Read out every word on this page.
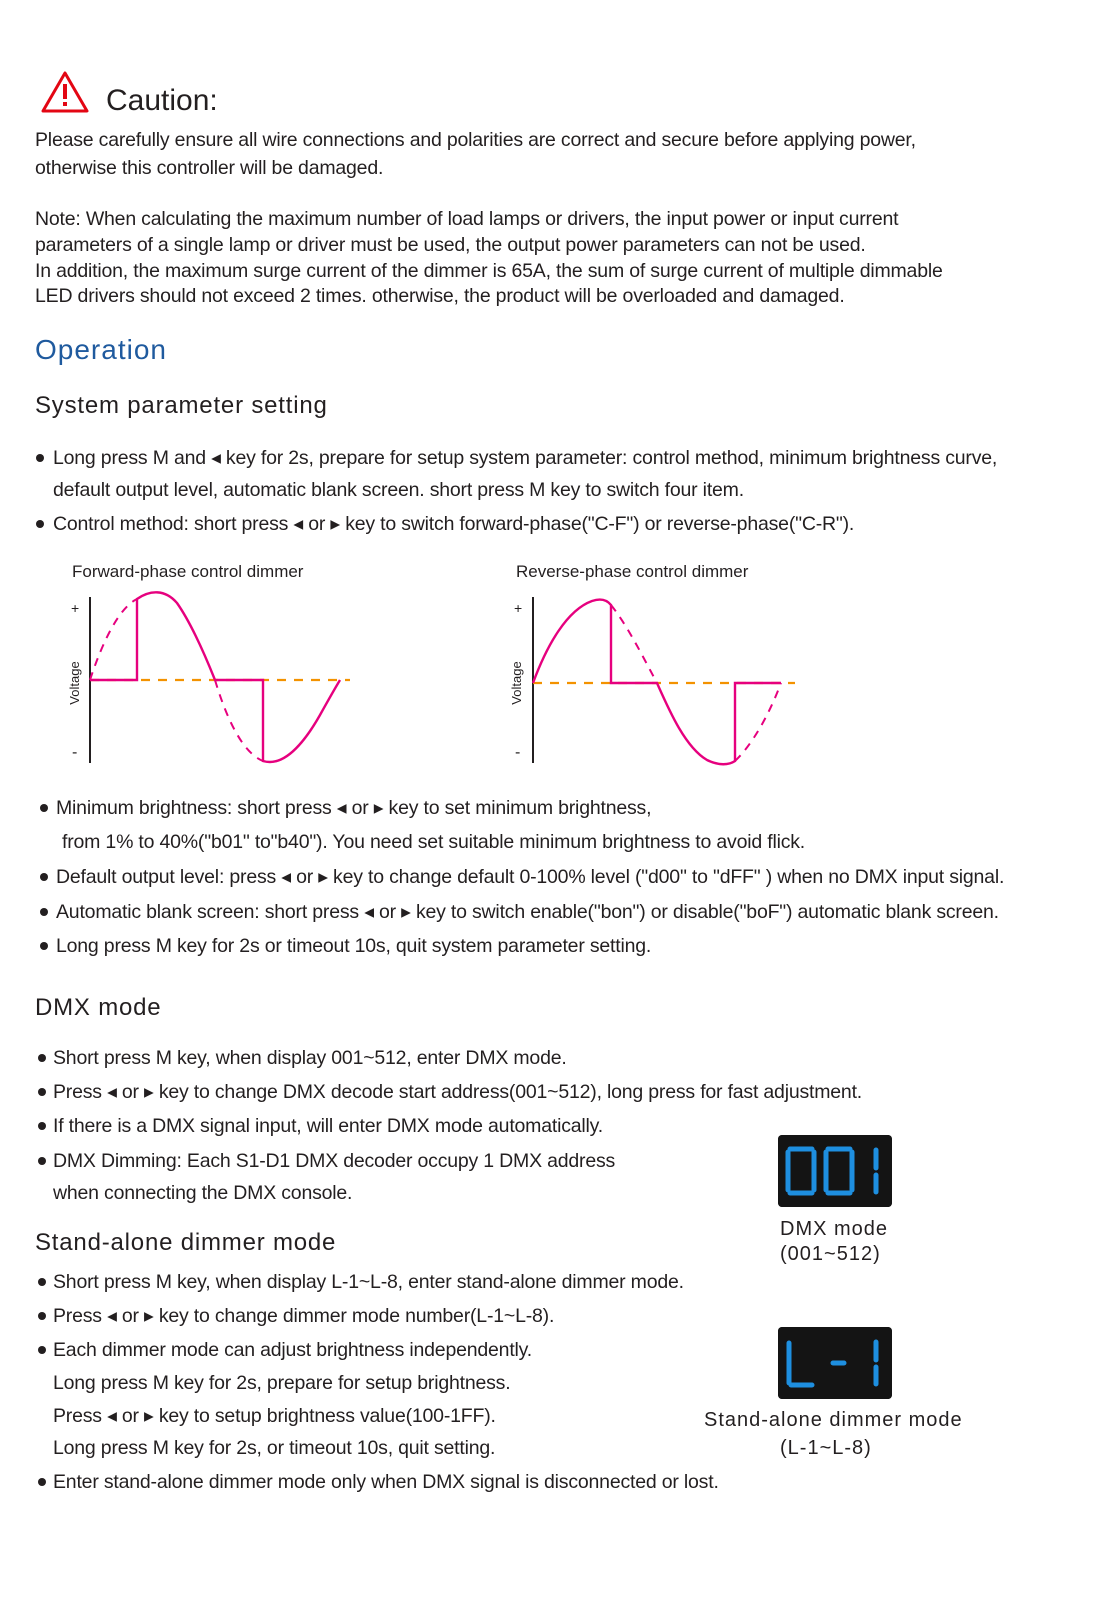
Caution:
Please carefully ensure all wire connections and polarities are correct and secure before applying power,
otherwise this controller will be damaged.
Note: When calculating the maximum number of load lamps or drivers, the input power or input current
parameters of a single lamp or driver must be used, the output power parameters can not be used.
In addition, the maximum surge current of the dimmer is 65A, the sum of surge current of multiple dimmable
LED drivers should not exceed 2 times. otherwise, the product will be overloaded and damaged.
Operation
System parameter setting
Long press M and ◂ key for 2s, prepare for setup system parameter: control method, minimum brightness curve,
default output level, automatic blank screen. short press M key to switch four item.
Control method: short press ◂ or ▸ key to switch forward-phase("C-F") or reverse-phase("C-R").
Forward-phase control dimmer	Reverse-phase control dimmer
+
-
Voltage
+
-
Voltage
Minimum brightness: short press ◂ or ▸ key to set minimum brightness,
from 1% to 40%("b01" to"b40"). You need set suitable minimum brightness to avoid flick.
Default output level: press ◂ or ▸ key to change default 0-100% level ("d00" to "dFF" ) when no DMX input signal.
Automatic blank screen: short press ◂ or ▸ key to switch enable("bon") or disable("boF") automatic blank screen.
Long press M key for 2s or timeout 10s, quit system parameter setting.
DMX mode
Short press M key, when display 001~512, enter DMX mode.
Press ◂ or ▸ key to change DMX decode start address(001~512), long press for fast adjustment.
If there is a DMX signal input, will enter DMX mode automatically.
DMX Dimming: Each S1-D1 DMX decoder occupy 1 DMX address
when connecting the DMX console.
DMX mode
(001~512)
Stand-alone dimmer mode
Short press M key, when display L-1~L-8, enter stand-alone dimmer mode.
Press ◂ or ▸ key to change dimmer mode number(L-1~L-8).
Each dimmer mode can adjust brightness independently.
Long press M key for 2s, prepare for setup brightness.
Press ◂ or ▸ key to setup brightness value(100-1FF).
Long press M key for 2s, or timeout 10s, quit setting.
Enter stand-alone dimmer mode only when DMX signal is disconnected or lost.
Stand-alone dimmer mode
(L-1~L-8)
